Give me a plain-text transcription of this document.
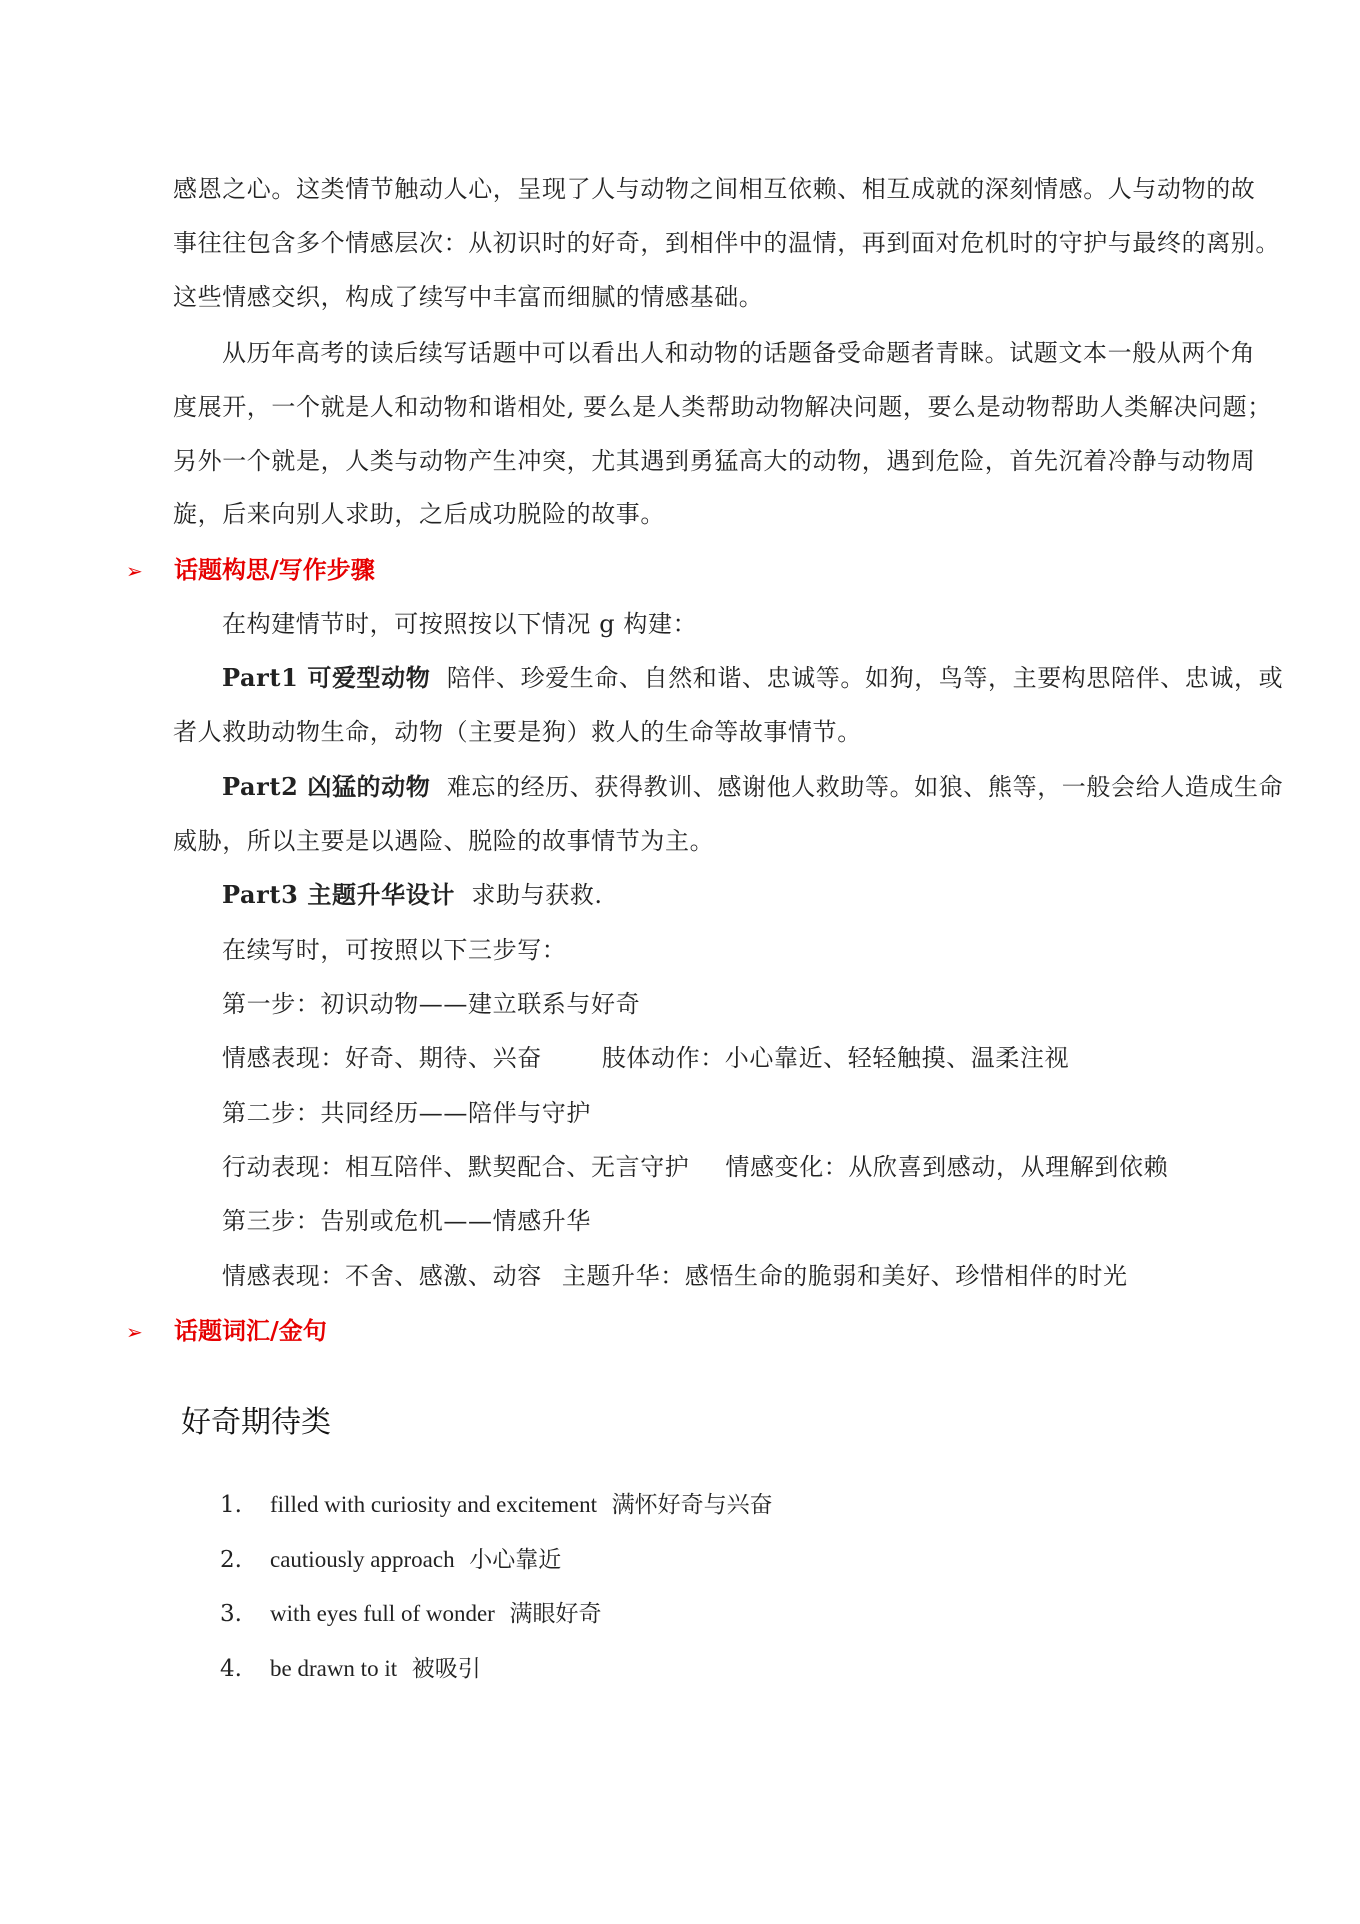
感恩之心。这类情节触动人心，呈现了人与动物之间相互依赖、相互成就的深刻情感。人与动物的故
事往往包含多个情感层次：从初识时的好奇，到相伴中的温情，再到面对危机时的守护与最终的离别。
这些情感交织，构成了续写中丰富而细腻的情感基础。
从历年高考的读后续写话题中可以看出人和动物的话题备受命题者青睐。试题文本一般从两个角
度展开，一个就是人和动物和谐相处, 要么是人类帮助动物解决问题，要么是动物帮助人类解决问题；
另外一个就是，人类与动物产生冲突，尤其遇到勇猛高大的动物，遇到危险，首先沉着冷静与动物周
旋，后来向别人求助，之后成功脱险的故事。
➢ 话题构思/写作步骤
在构建情节时，可按照按以下情况 g 构建：
Part1 可爱型动物 陪伴、珍爱生命、自然和谐、忠诚等。如狗，鸟等，主要构思陪伴、忠诚，或
者人救助动物生命，动物（主要是狗）救人的生命等故事情节。
Part2 凶猛的动物 难忘的经历、获得教训、感谢他人救助等。如狼、熊等，一般会给人造成生命
威胁，所以主要是以遇险、脱险的故事情节为主。
Part3 主题升华设计 求助与获救.
在续写时，可按照以下三步写：
第一步：初识动物——建立联系与好奇
情感表现：好奇、期待、兴奋	肢体动作：小心靠近、轻轻触摸、温柔注视
第二步：共同经历——陪伴与守护
行动表现：相互陪伴、默契配合、无言守护 情感变化：从欣喜到感动，从理解到依赖
第三步：告别或危机——情感升华
情感表现：不舍、感激、动容 主题升华：感悟生命的脆弱和美好、珍惜相伴的时光
➢ 话题词汇/金句
好奇期待类
1. filled with curiosity and excitement 满怀好奇与兴奋
2. cautiously approach 小心靠近
3. with eyes full of wonder 满眼好奇
4. be drawn to it 被吸引
